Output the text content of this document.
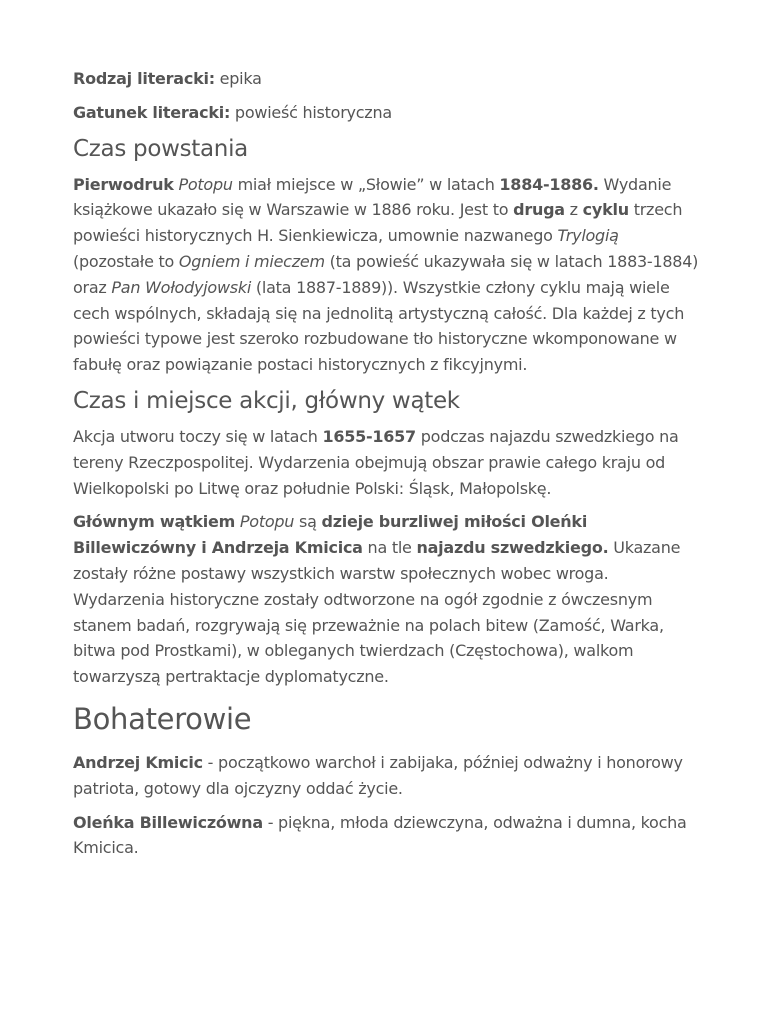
Rodzaj literacki: epika

Gatunek literacki: powieść historyczna

Czas powstania

Pierwodruk Potopu miał miejsce w „Słowie” w latach 1884-1886. Wydanie książkowe ukazało się w Warszawie w 1886 roku. Jest to druga z cyklu trzech powieści historycznych H. Sienkiewicza, umownie nazwanego Trylogią (pozostałe to Ogniem i mieczem (ta powieść ukazywała się w latach 1883-1884) oraz Pan Wołodyjowski (lata 1887-1889)). Wszystkie człony cyklu mają wiele cech wspólnych, składają się na jednolitą artystyczną całość. Dla każdej z tych powieści typowe jest szeroko rozbudowane tło historyczne wkomponowane w fabułę oraz powiązanie postaci historycznych z fikcyjnymi.

Czas i miejsce akcji, główny wątek

Akcja utworu toczy się w latach 1655-1657 podczas najazdu szwedzkiego na tereny Rzeczpospolitej. Wydarzenia obejmują obszar prawie całego kraju od Wielkopolski po Litwę oraz południe Polski: Śląsk, Małopolskę.

Głównym wątkiem Potopu są dzieje burzliwej miłości Oleńki Billewiczówny i Andrzeja Kmicica na tle najazdu szwedzkiego. Ukazane zostały różne postawy wszystkich warstw społecznych wobec wroga. Wydarzenia historyczne zostały odtworzone na ogół zgodnie z ówczesnym stanem badań, rozgrywają się przeważnie na polach bitew (Zamość, Warka, bitwa pod Prostkami), w obleganych twierdzach (Częstochowa), walkom towarzyszą pertraktacje dyplomatyczne.

Bohaterowie

Andrzej Kmicic - początkowo warchoł i zabijaka, później odważny i honorowy patriota, gotowy dla ojczyzny oddać życie.

Oleńka Billewiczówna - piękna, młoda dziewczyna, odważna i dumna, kocha Kmicica.
